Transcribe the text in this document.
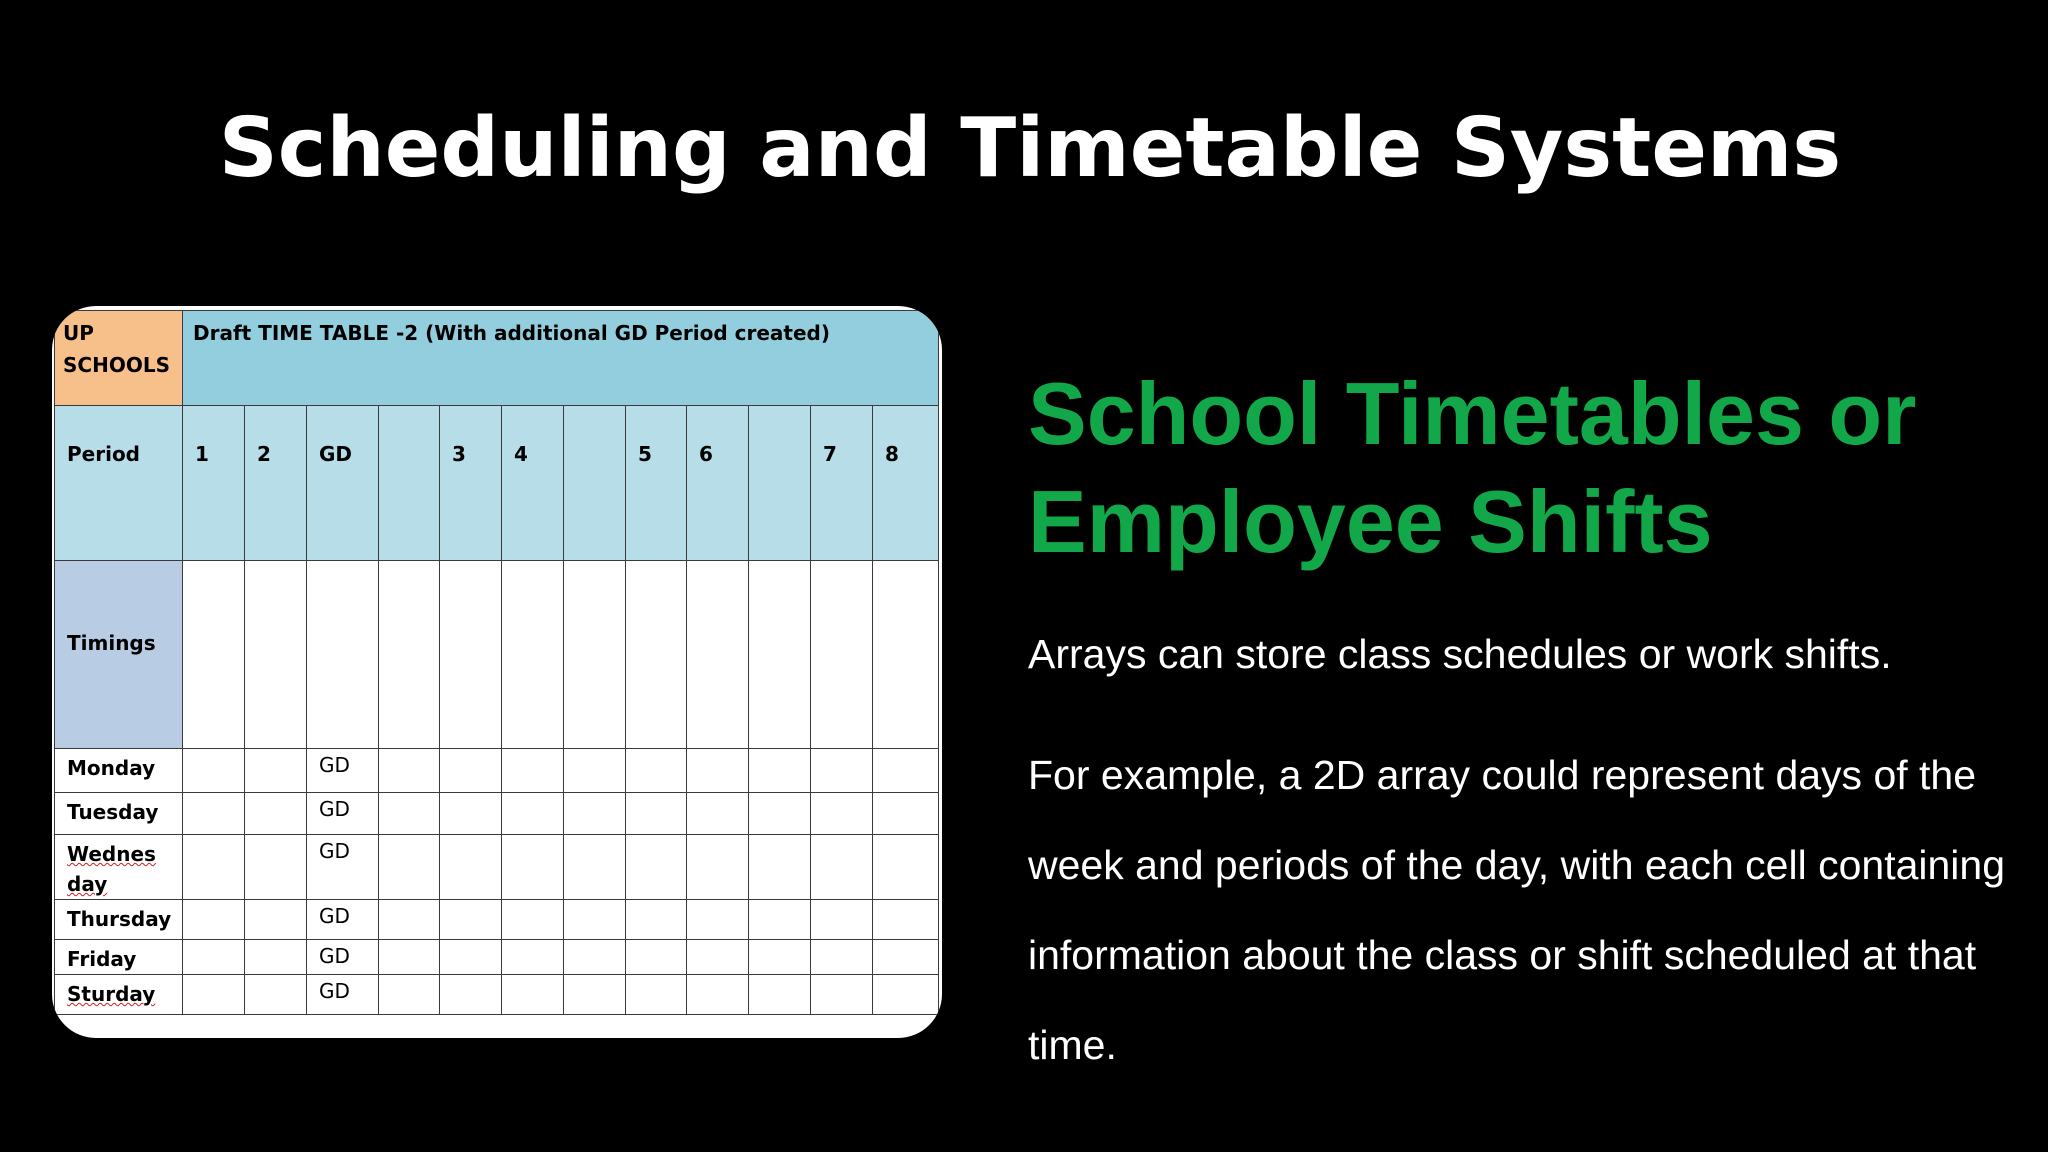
Scheduling and Timetable Systems
UP SCHOOLS	Draft TIME TABLE -2 (With additional GD Period created)											

Period	1	2	GD		3	4		5	6		7	8

Timings

Monday			GD									
Tuesday			GD									
Wednes day			GD									
Thursday			GD									
Friday			GD									
Sturday			GD									
School Timetables or Employee Shifts

Arrays can store class schedules or work shifts.

For example, a 2D array could represent days of the week and periods of the day, with each cell containing information about the class or shift scheduled at that time.
